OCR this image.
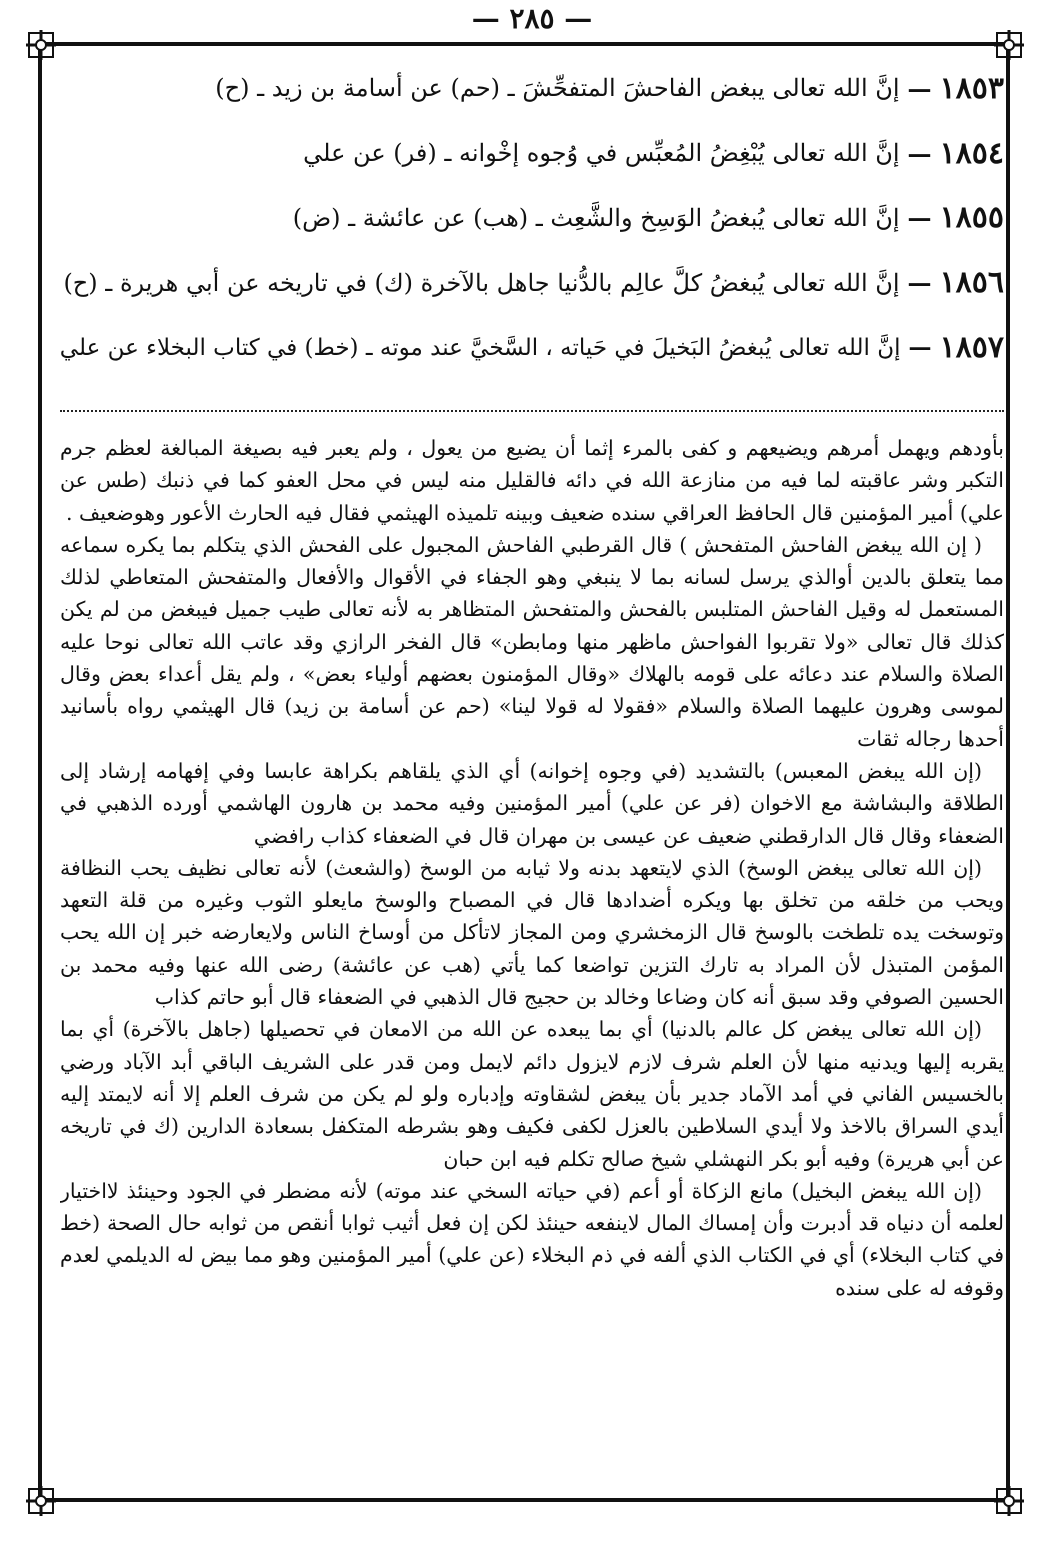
— ٢٨٥ —
١٨٥٣
—
إنَّ الله تعالى يبغض الفاحشَ المتفحِّشَ ـ (حم) عن أسامة بن زيد ـ (ح)
١٨٥٤
—
إنَّ الله تعالى يُبْغِضُ المُعبِّس في وُجوه إخْوانه ـ (فر) عن علي
١٨٥٥
—
إنَّ الله تعالى يُبغضُ الوَسِخ والشَّعِث ـ (هب) عن عائشة ـ (ض)
١٨٥٦
—
إنَّ الله تعالى يُبغضُ كلَّ عالِم بالدُّنيا جاهل بالآخرة (ك) في تاريخه عن أبي هريرة ـ (ح)
١٨٥٧
—
إنَّ الله تعالى يُبغضُ البَخيلَ في حَياته ، السَّخيَّ عند موته ـ (خط) في كتاب البخلاء عن علي

بأودهم ويهمل أمرهم ويضيعهم و كفى بالمرء إثما أن يضيع من يعول ، ولم يعبر فيه بصيغة المبالغة لعظم جرم التكبر وشر عاقبته لما فيه من منازعة الله في دائه فالقليل منه ليس في محل العفو كما في ذنبك (طس عن علي) أمير المؤمنين قال الحافظ العراقي سنده ضعيف وبينه تلميذه الهيثمي فقال فيه الحارث الأعور وهوضعيف .

( إن الله يبغض الفاحش المتفحش ) قال القرطبي الفاحش المجبول على الفحش الذي يتكلم بما يكره سماعه مما يتعلق بالدين أوالذي يرسل لسانه بما لا ينبغي وهو الجفاء في الأقوال والأفعال والمتفحش المتعاطي لذلك المستعمل له وقيل الفاحش المتلبس بالفحش والمتفحش المتظاهر به لأنه تعالى طيب جميل فيبغض من لم يكن كذلك قال تعالى «ولا تقربوا الفواحش ماظهر منها ومابطن» قال الفخر الرازي وقد عاتب الله تعالى نوحا عليه الصلاة والسلام عند دعائه على قومه بالهلاك «وقال المؤمنون بعضهم أولياء بعض» ، ولم يقل أعداء بعض وقال لموسى وهرون عليهما الصلاة والسلام «فقولا له قولا لينا» (حم عن أسامة بن زيد) قال الهيثمي رواه بأسانيد أحدها رجاله ثقات

(إن الله يبغض المعبس) بالتشديد (في وجوه إخوانه) أي الذي يلقاهم بكراهة عابسا وفي إفهامه إرشاد إلى الطلاقة والبشاشة مع الاخوان (فر عن علي) أمير المؤمنين وفيه محمد بن هارون الهاشمي أورده الذهبي في الضعفاء وقال قال الدارقطني ضعيف عن عيسى بن مهران قال في الضعفاء كذاب رافضي

(إن الله تعالى يبغض الوسخ) الذي لايتعهد بدنه ولا ثيابه من الوسخ (والشعث) لأنه تعالى نظيف يحب النظافة ويحب من خلقه من تخلق بها ويكره أضدادها قال في المصباح والوسخ مايعلو الثوب وغيره من قلة التعهد وتوسخت يده تلطخت بالوسخ قال الزمخشري ومن المجاز لاتأكل من أوساخ الناس ولايعارضه خبر إن الله يحب المؤمن المتبذل لأن المراد به تارك التزين تواضعا كما يأتي (هب عن عائشة) رضى الله عنها وفيه محمد بن الحسين الصوفي وقد سبق أنه كان وضاعا وخالد بن حجيج قال الذهبي في الضعفاء قال أبو حاتم كذاب

(إن الله تعالى يبغض كل عالم بالدنيا) أي بما يبعده عن الله من الامعان في تحصيلها (جاهل بالآخرة) أي بما يقربه إليها ويدنيه منها لأن العلم شرف لازم لايزول دائم لايمل ومن قدر على الشريف الباقي أبد الآباد ورضي بالخسيس الفاني في أمد الآماد جدير بأن يبغض لشقاوته وإدباره ولو لم يكن من شرف العلم إلا أنه لايمتد إليه أيدي السراق بالاخذ ولا أيدي السلاطين بالعزل لكفى فكيف وهو بشرطه المتكفل بسعادة الدارين (ك في تاريخه عن أبي هريرة) وفيه أبو بكر النهشلي شيخ صالح تكلم فيه ابن حبان

(إن الله يبغض البخيل) مانع الزكاة أو أعم (في حياته السخي عند موته) لأنه مضطر في الجود وحينئذ لااختيار لعلمه أن دنياه قد أدبرت وأن إمساك المال لاينفعه حينئذ لكن إن فعل أثيب ثوابا أنقص من ثوابه حال الصحة (خط في كتاب البخلاء) أي في الكتاب الذي ألفه في ذم البخلاء (عن علي) أمير المؤمنين وهو مما بيض له الديلمي لعدم وقوفه له على سنده
